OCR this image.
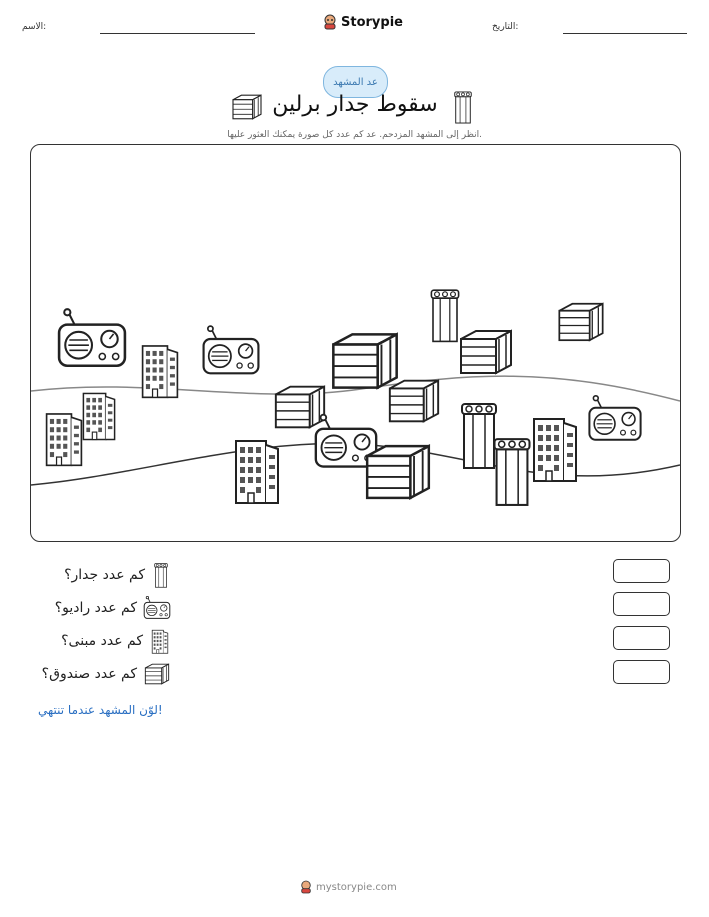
الاسم:	Storypie	التاريخ:
عد المشهد
سقوط جدار برلين
انظر إلى المشهد المزدحم. عد كم عدد كل صورة يمكنك العثور عليها.
كم عدد جدار؟
كم عدد راديو؟
كم عدد مبنى؟
كم عدد صندوق؟
لوّن المشهد عندما تنتهي!
mystorypie.com
